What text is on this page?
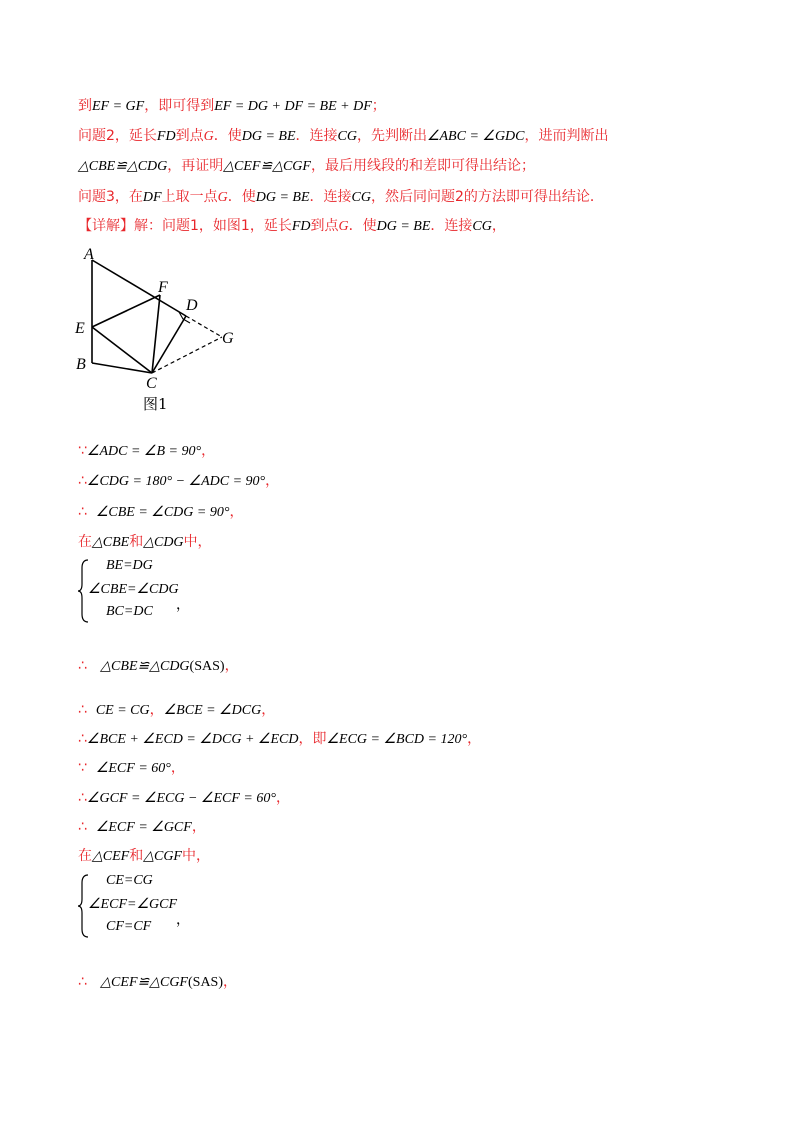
到EF = GF，即可得到EF = DG + DF = BE + DF；
问题2，延长FD到点G．使DG = BE．连接CG，先判断出∠ABC = ∠GDC，进而判断出
△CBE≌△CDG，再证明△CEF≌△CGF，最后用线段的和差即可得出结论；
问题3，在DF上取一点G．使DG = BE．连接CG，然后同问题2的方法即可得出结论．
【详解】解：问题1，如图1，延长FD到点G．使DG = BE．连接CG，
A
F
D
E
G
B
C
图1
∵∠ADC = ∠B = 90°，
∴∠CDG = 180° − ∠ADC = 90°，
∴ ∠CBE = ∠CDG = 90°，
在△CBE和△CDG中，
BE=DG
∠CBE=∠CDG
BC=DC ，
∴ △CBE≌△CDG(SAS)，
∴ CE = CG，∠BCE = ∠DCG，
∴∠BCE + ∠ECD = ∠DCG + ∠ECD，即∠ECG = ∠BCD = 120°，
∵ ∠ECF = 60°，
∴∠GCF = ∠ECG − ∠ECF = 60°，
∴ ∠ECF = ∠GCF，
在△CEF和△CGF中，
CE=CG
∠ECF=∠GCF
CF=CF ，
∴ △CEF≌△CGF(SAS)，
